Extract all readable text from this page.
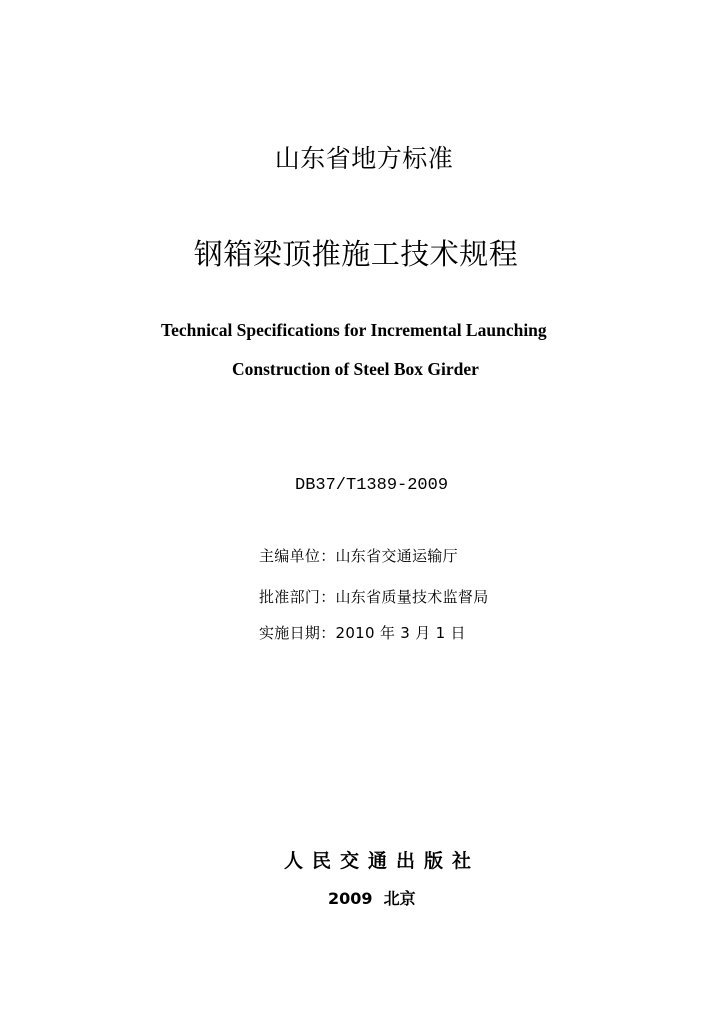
山东省地方标准
钢箱梁顶推施工技术规程
Technical Specifications for Incremental Launching
Construction of Steel Box Girder
DB37/T1389-2009
主编单位：山东省交通运输厅
批准部门：山东省质量技术监督局
实施日期：2010 年 3 月 1 日
人民交通出版社
2009  北京
